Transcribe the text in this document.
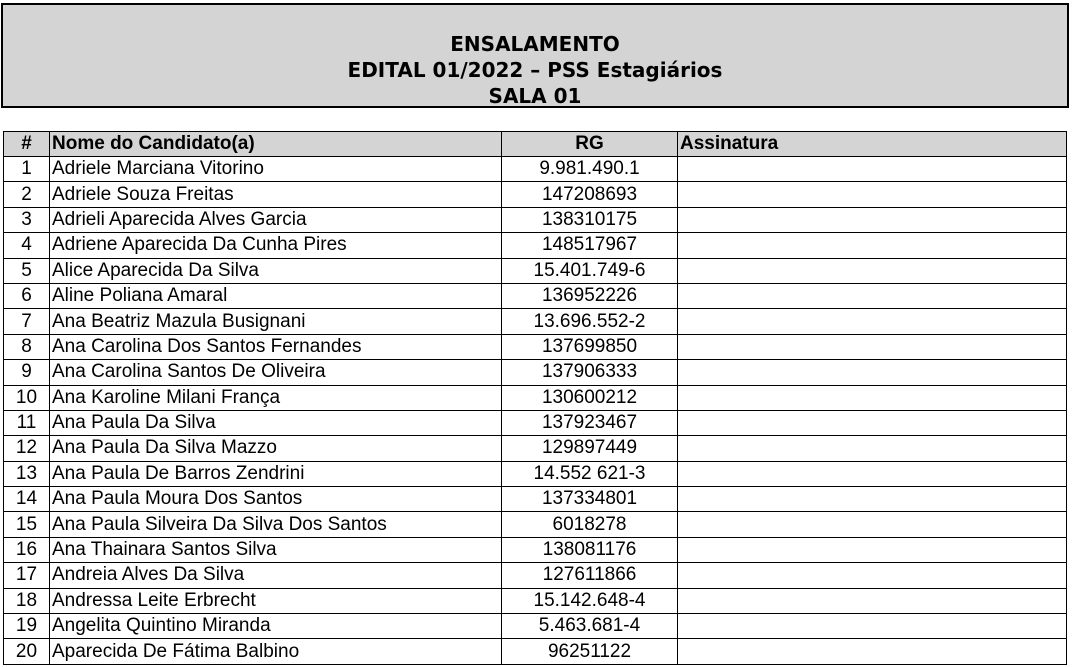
ENSALAMENTO
EDITAL 01/2022 – PSS Estagiários
SALA 01
#	Nome do Candidato(a)	RG	Assinatura
1	Adriele Marciana Vitorino	9.981.490.1	
2	Adriele Souza Freitas	147208693	
3	Adrieli Aparecida Alves Garcia	138310175	
4	Adriene Aparecida Da Cunha Pires	148517967	
5	Alice Aparecida Da Silva	15.401.749-6	
6	Aline Poliana Amaral	136952226	
7	Ana Beatriz Mazula Busignani	13.696.552-2	
8	Ana Carolina Dos Santos Fernandes	137699850	
9	Ana Carolina Santos De Oliveira	137906333	
10	Ana Karoline Milani França	130600212	
11	Ana Paula Da Silva	137923467	
12	Ana Paula Da Silva Mazzo	129897449	
13	Ana Paula De Barros Zendrini	14.552 621-3	
14	Ana Paula Moura Dos Santos	137334801	
15	Ana Paula Silveira Da Silva Dos Santos	6018278	
16	Ana Thainara Santos Silva	138081176	
17	Andreia Alves Da Silva	127611866	
18	Andressa Leite Erbrecht	15.142.648-4	
19	Angelita Quintino Miranda	5.463.681-4	
20	Aparecida De Fátima Balbino	96251122	
